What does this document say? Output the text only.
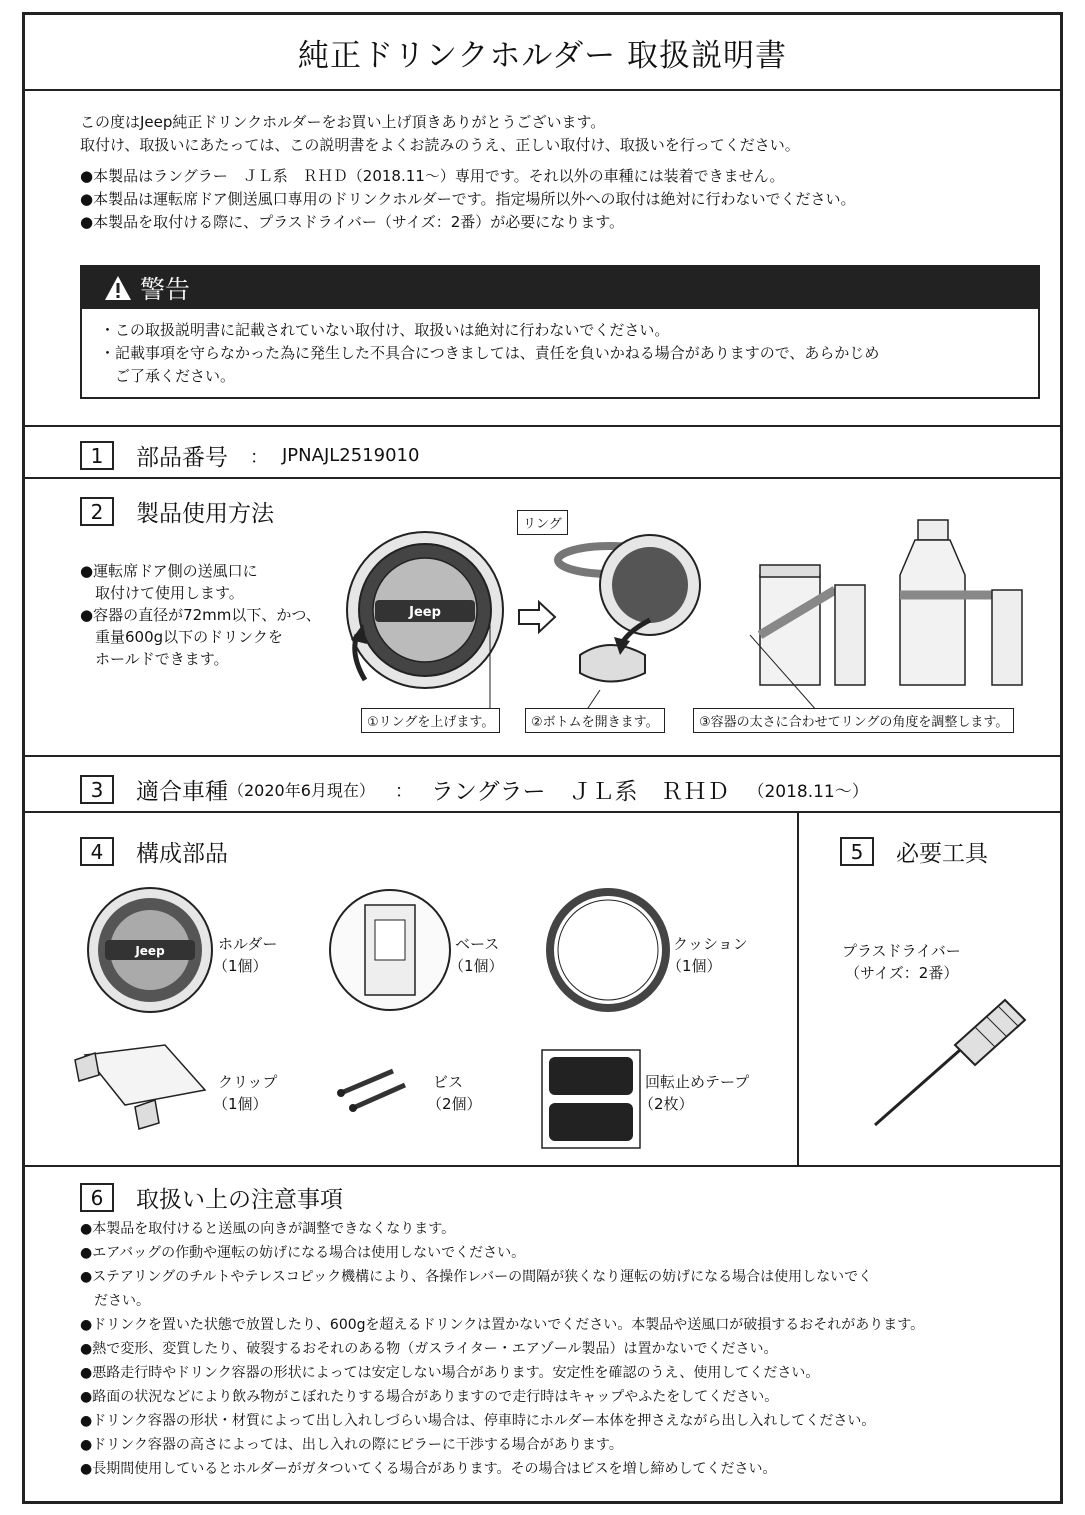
純正ドリンクホルダー 取扱説明書
この度はJeep純正ドリンクホルダーをお買い上げ頂きありがとうございます。
取付け、取扱いにあたっては、この説明書をよくお読みのうえ、正しい取付け、取扱いを行ってください。
●本製品はラングラー　ＪＬ系　ＲＨＤ（2018.11〜）専用です。それ以外の車種には装着できません。
●本製品は運転席ドア側送風口専用のドリンクホルダーです。指定場所以外への取付は絶対に行わないでください。
●本製品を取付ける際に、プラスドライバー（サイズ：2番）が必要になります。
警告
・この取扱説明書に記載されていない取付け、取扱いは絶対に行わないでください。
・記載事項を守らなかった為に発生した不具合につきましては、責任を負いかねる場合がありますので、あらかじめ
　ご了承ください。
1	部品番号 ： JPNAJL2519010
2	製品使用方法
●運転席ドア側の送風口に
　取付けて使用します。
●容器の直径が72mm以下、かつ、
　重量600g以下のドリンクを
　ホールドできます。
Jeep
リング
①リングを上げます。	②ボトムを開きます。	③容器の太さに合わせてリングの角度を調整します。
3	適合車種 （2020年6月現在） ： ラングラー　ＪＬ系　ＲＨＤ （2018.11〜）
4	構成部品	5	必要工具
Jeep	ホルダー
（1個）
ベース
（1個）
クッション
（1個）
クリップ
（1個）
ビス
（2個）
回転止めテープ
（2枚）
プラスドライバー
（サイズ：2番）
6	取扱い上の注意事項
●本製品を取付けると送風の向きが調整できなくなります。
●エアバッグの作動や運転の妨げになる場合は使用しないでください。
●ステアリングのチルトやテレスコピック機構により、各操作レバーの間隔が狭くなり運転の妨げになる場合は使用しないでく
　ださい。
●ドリンクを置いた状態で放置したり、600gを超えるドリンクは置かないでください。本製品や送風口が破損するおそれがあります。
●熱で変形、変質したり、破裂するおそれのある物（ガスライター・エアゾール製品）は置かないでください。
●悪路走行時やドリンク容器の形状によっては安定しない場合があります。安定性を確認のうえ、使用してください。
●路面の状況などにより飲み物がこぼれたりする場合がありますので走行時はキャップやふたをしてください。
●ドリンク容器の形状・材質によって出し入れしづらい場合は、停車時にホルダー本体を押さえながら出し入れしてください。
●ドリンク容器の高さによっては、出し入れの際にピラーに干渉する場合があります。
●長期間使用しているとホルダーがガタついてくる場合があります。その場合はビスを増し締めしてください。
